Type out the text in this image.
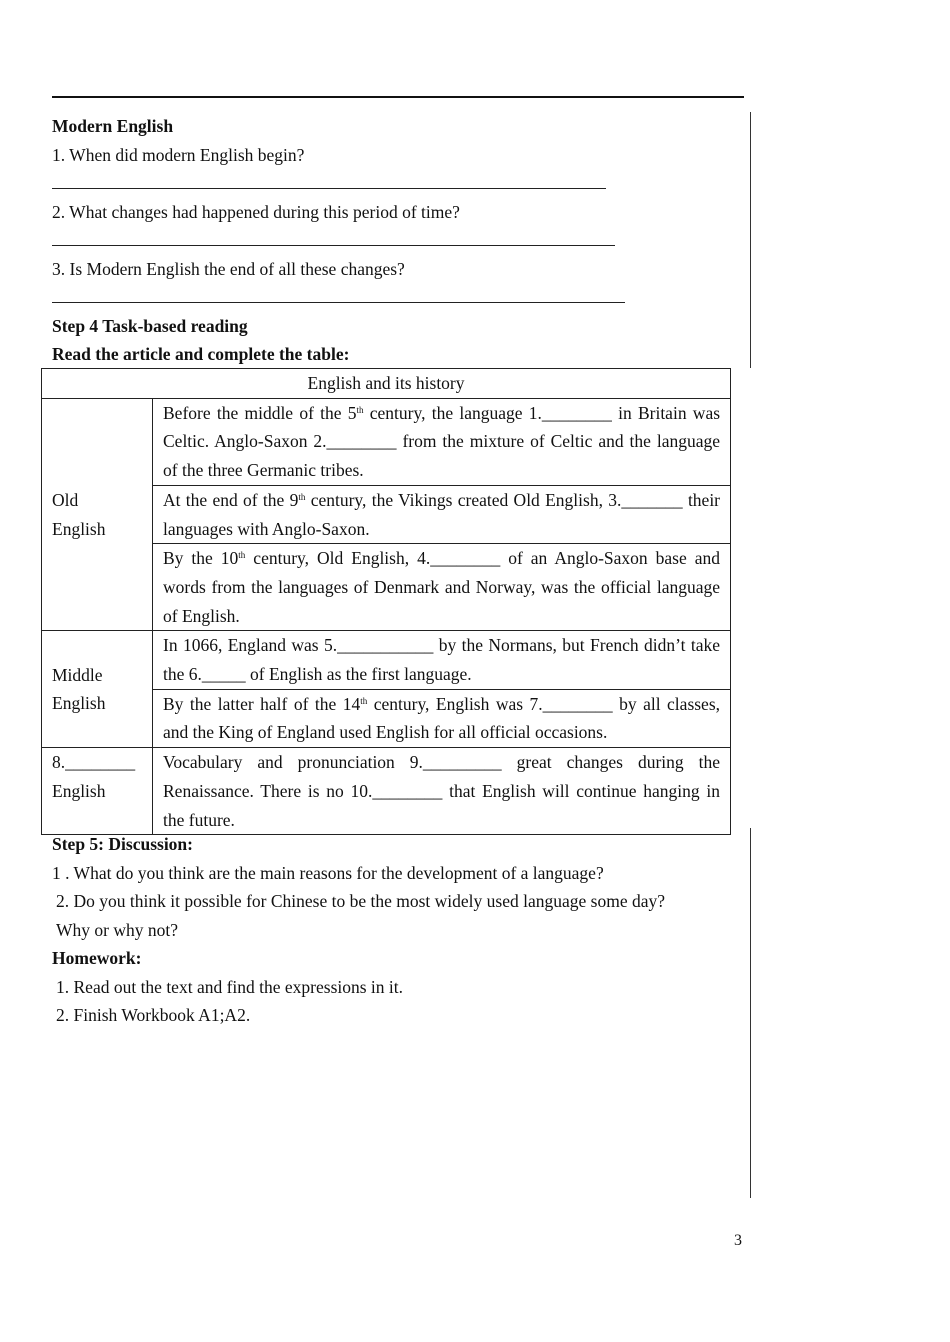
Modern English
1. When did modern English begin?
2. What changes had happened during this period of time?
3. Is Modern English the end of all these changes?
Step 4 Task-based reading
Read the article and complete the table:
English and its history	
Old
English	Before the middle of the 5th century, the language 1.________ in Britain was Celtic. Anglo-Saxon 2.________ from the mixture of Celtic and the language of the three Germanic tribes.
	At the end of the 9th century, the Vikings created Old English, 3._______ their languages with Anglo-Saxon.
	By the 10th century, Old English, 4.________ of an Anglo-Saxon base and words from the languages of Denmark and Norway, was the official language of English.
Middle
English	In 1066, England was 5.___________ by the Normans, but French didn’t take the 6._____ of English as the first language.
	By the latter half of the 14th century, English was 7.________ by all classes, and the King of England used English for all official occasions.
8.________
English	Vocabulary and pronunciation 9._________ great changes during the Renaissance. There is no 10.________ that English will continue hanging in the future.
Step 5: Discussion:
1 . What do you think are the main reasons for the development of a language?
2. Do you think it possible for Chinese to be the most widely used language some day?
Why or why not?
Homework:
1. Read out the text and find the expressions in it.
2. Finish Workbook A1;A2.
3
